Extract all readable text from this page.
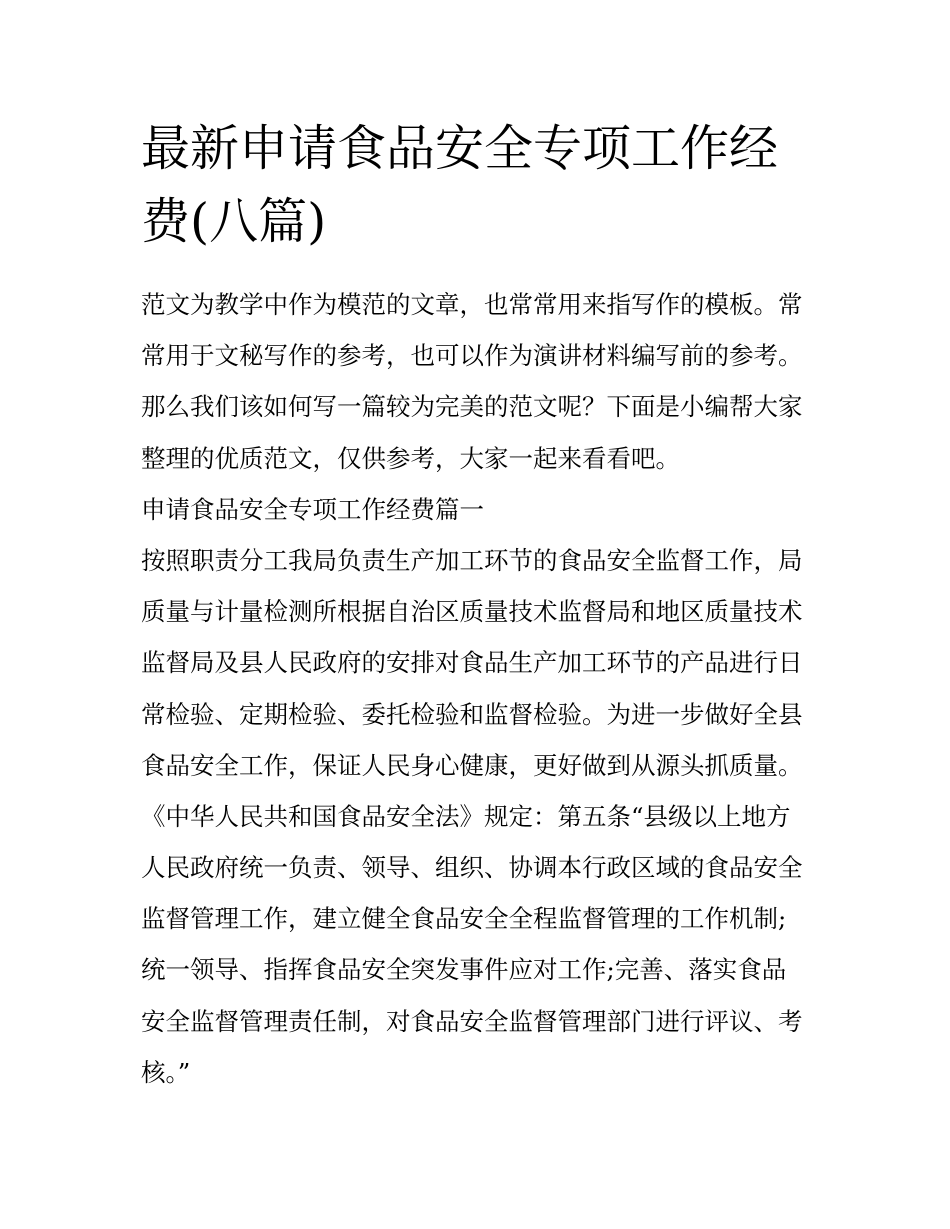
最新申请食品安全专项工作经
费(八篇)
范文为教学中作为模范的文章，也常常用来指写作的模板。常
常用于文秘写作的参考，也可以作为演讲材料编写前的参考。
那么我们该如何写一篇较为完美的范文呢？下面是小编帮大家
整理的优质范文，仅供参考，大家一起来看看吧。
申请食品安全专项工作经费篇一
按照职责分工我局负责生产加工环节的食品安全监督工作，局
质量与计量检测所根据自治区质量技术监督局和地区质量技术
监督局及县人民政府的安排对食品生产加工环节的产品进行日
常检验、定期检验、委托检验和监督检验。为进一步做好全县
食品安全工作，保证人民身心健康，更好做到从源头抓质量。
《中华人民共和国食品安全法》规定：第五条“县级以上地方
人民政府统一负责、领导、组织、协调本行政区域的食品安全
监督管理工作，建立健全食品安全全程监督管理的工作机制;
统一领导、指挥食品安全突发事件应对工作;完善、落实食品
安全监督管理责任制，对食品安全监督管理部门进行评议、考
核。”
